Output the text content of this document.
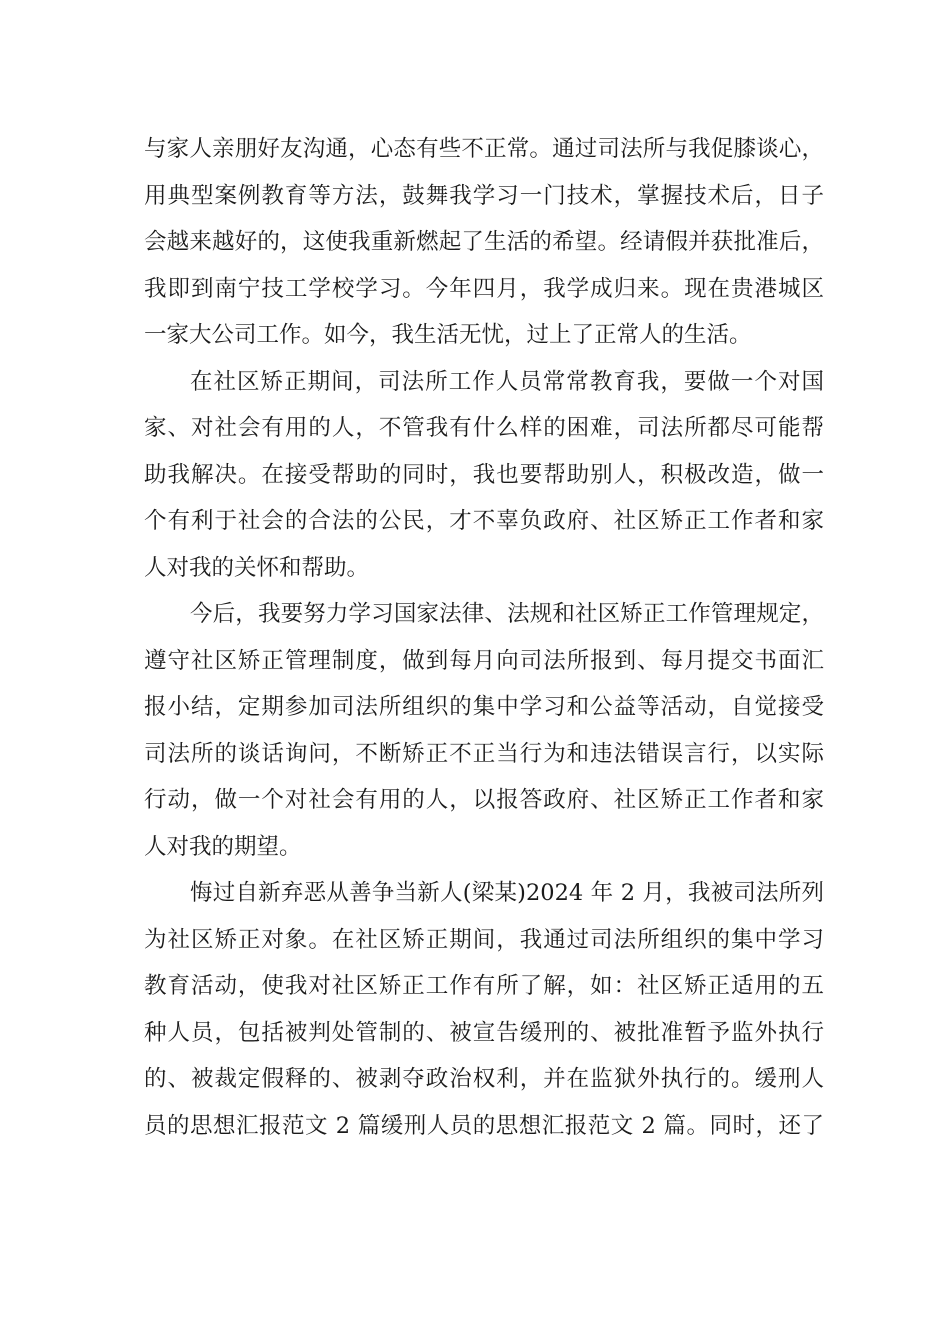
与家人亲朋好友沟通，心态有些不正常。通过司法所与我促膝谈心，
用典型案例教育等方法，鼓舞我学习一门技术，掌握技术后，日子
会越来越好的，这使我重新燃起了生活的希望。经请假并获批准后，
我即到南宁技工学校学习。今年四月，我学成归来。现在贵港城区
一家大公司工作。如今，我生活无忧，过上了正常人的生活。
在社区矫正期间，司法所工作人员常常教育我，要做一个对国
家、对社会有用的人，不管我有什么样的困难，司法所都尽可能帮
助我解决。在接受帮助的同时，我也要帮助别人，积极改造，做一
个有利于社会的合法的公民，才不辜负政府、社区矫正工作者和家
人对我的关怀和帮助。
今后，我要努力学习国家法律、法规和社区矫正工作管理规定，
遵守社区矫正管理制度，做到每月向司法所报到、每月提交书面汇
报小结，定期参加司法所组织的集中学习和公益等活动，自觉接受
司法所的谈话询问，不断矫正不正当行为和违法错误言行，以实际
行动，做一个对社会有用的人，以报答政府、社区矫正工作者和家
人对我的期望。
悔过自新弃恶从善争当新人(梁某)2024 年 2 月，我被司法所列
为社区矫正对象。在社区矫正期间，我通过司法所组织的集中学习
教育活动，使我对社区矫正工作有所了解，如：社区矫正适用的五
种人员，包括被判处管制的、被宣告缓刑的、被批准暂予监外执行
的、被裁定假释的、被剥夺政治权利，并在监狱外执行的。缓刑人
员的思想汇报范文 2 篇缓刑人员的思想汇报范文 2 篇。同时，还了
